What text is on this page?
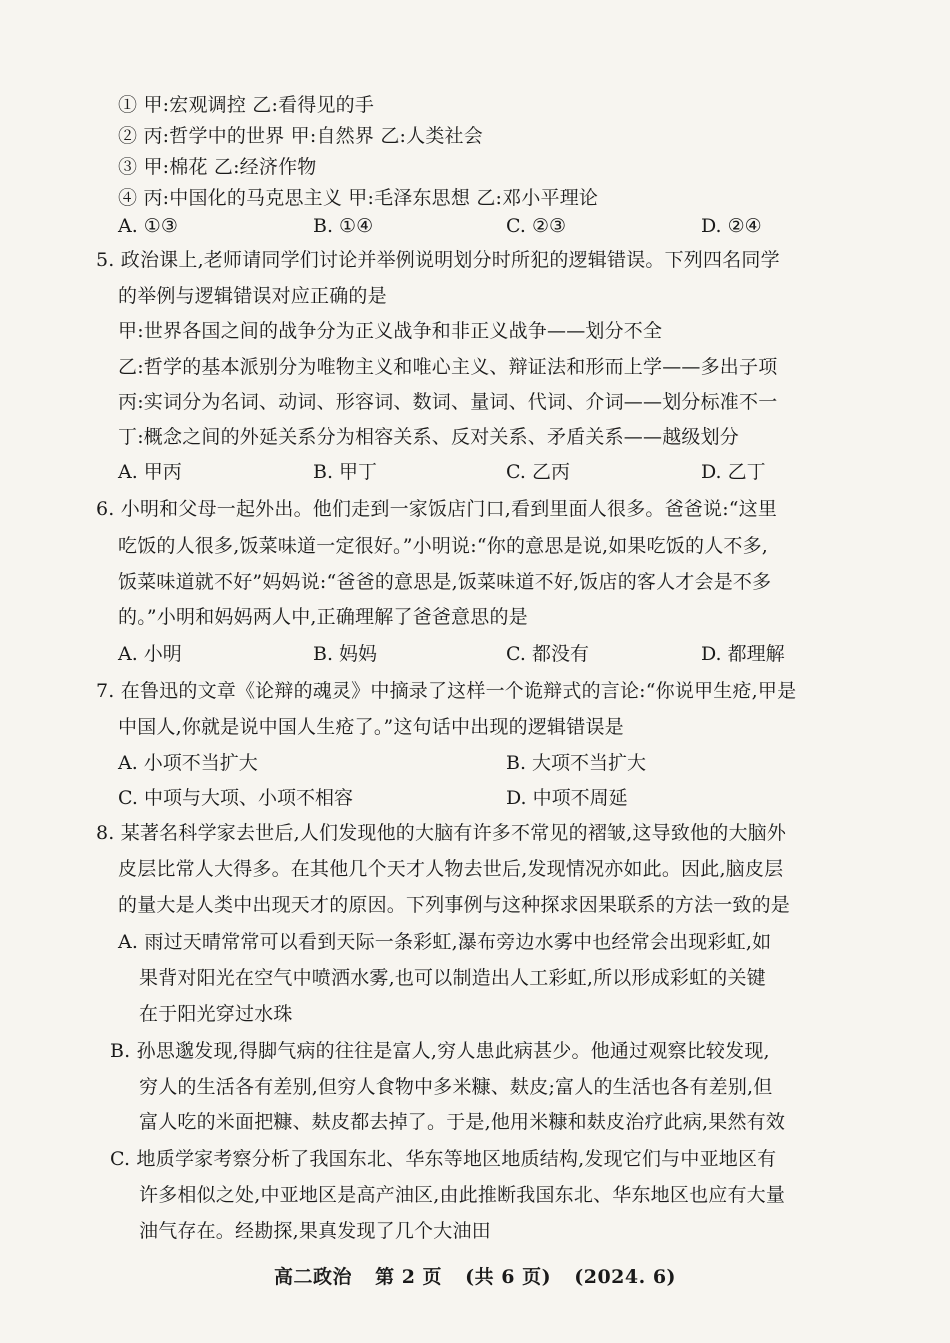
① 甲:宏观调控 乙:看得见的手
② 丙:哲学中的世界 甲:自然界 乙:人类社会
③ 甲:棉花 乙:经济作物
④ 丙:中国化的马克思主义 甲:毛泽东思想 乙:邓小平理论
A. ①③	B. ①④	C. ②③	D. ②④
5. 政治课上,老师请同学们讨论并举例说明划分时所犯的逻辑错误。下列四名同学
的举例与逻辑错误对应正确的是
甲:世界各国之间的战争分为正义战争和非正义战争——划分不全
乙:哲学的基本派别分为唯物主义和唯心主义、辩证法和形而上学——多出子项
丙:实词分为名词、动词、形容词、数词、量词、代词、介词——划分标准不一
丁:概念之间的外延关系分为相容关系、反对关系、矛盾关系——越级划分
A. 甲丙	B. 甲丁	C. 乙丙	D. 乙丁
6. 小明和父母一起外出。他们走到一家饭店门口,看到里面人很多。爸爸说:“这里
吃饭的人很多,饭菜味道一定很好。”小明说:“你的意思是说,如果吃饭的人不多,
饭菜味道就不好”妈妈说:“爸爸的意思是,饭菜味道不好,饭店的客人才会是不多
的。”小明和妈妈两人中,正确理解了爸爸意思的是
A. 小明	B. 妈妈	C. 都没有	D. 都理解
7. 在鲁迅的文章《论辩的魂灵》中摘录了这样一个诡辩式的言论:“你说甲生疮,甲是
中国人,你就是说中国人生疮了。”这句话中出现的逻辑错误是
A. 小项不当扩大	B. 大项不当扩大
C. 中项与大项、小项不相容	D. 中项不周延
8. 某著名科学家去世后,人们发现他的大脑有许多不常见的褶皱,这导致他的大脑外
皮层比常人大得多。在其他几个天才人物去世后,发现情况亦如此。因此,脑皮层
的量大是人类中出现天才的原因。下列事例与这种探求因果联系的方法一致的是
A. 雨过天晴常常可以看到天际一条彩虹,瀑布旁边水雾中也经常会出现彩虹,如
果背对阳光在空气中喷洒水雾,也可以制造出人工彩虹,所以形成彩虹的关键
在于阳光穿过水珠
B. 孙思邈发现,得脚气病的往往是富人,穷人患此病甚少。他通过观察比较发现,
穷人的生活各有差别,但穷人食物中多米糠、麸皮;富人的生活也各有差别,但
富人吃的米面把糠、麸皮都去掉了。于是,他用米糠和麸皮治疗此病,果然有效
C. 地质学家考察分析了我国东北、华东等地区地质结构,发现它们与中亚地区有
许多相似之处,中亚地区是高产油区,由此推断我国东北、华东地区也应有大量
油气存在。经勘探,果真发现了几个大油田
高二政治 第 2 页 (共 6 页) (2024. 6)
